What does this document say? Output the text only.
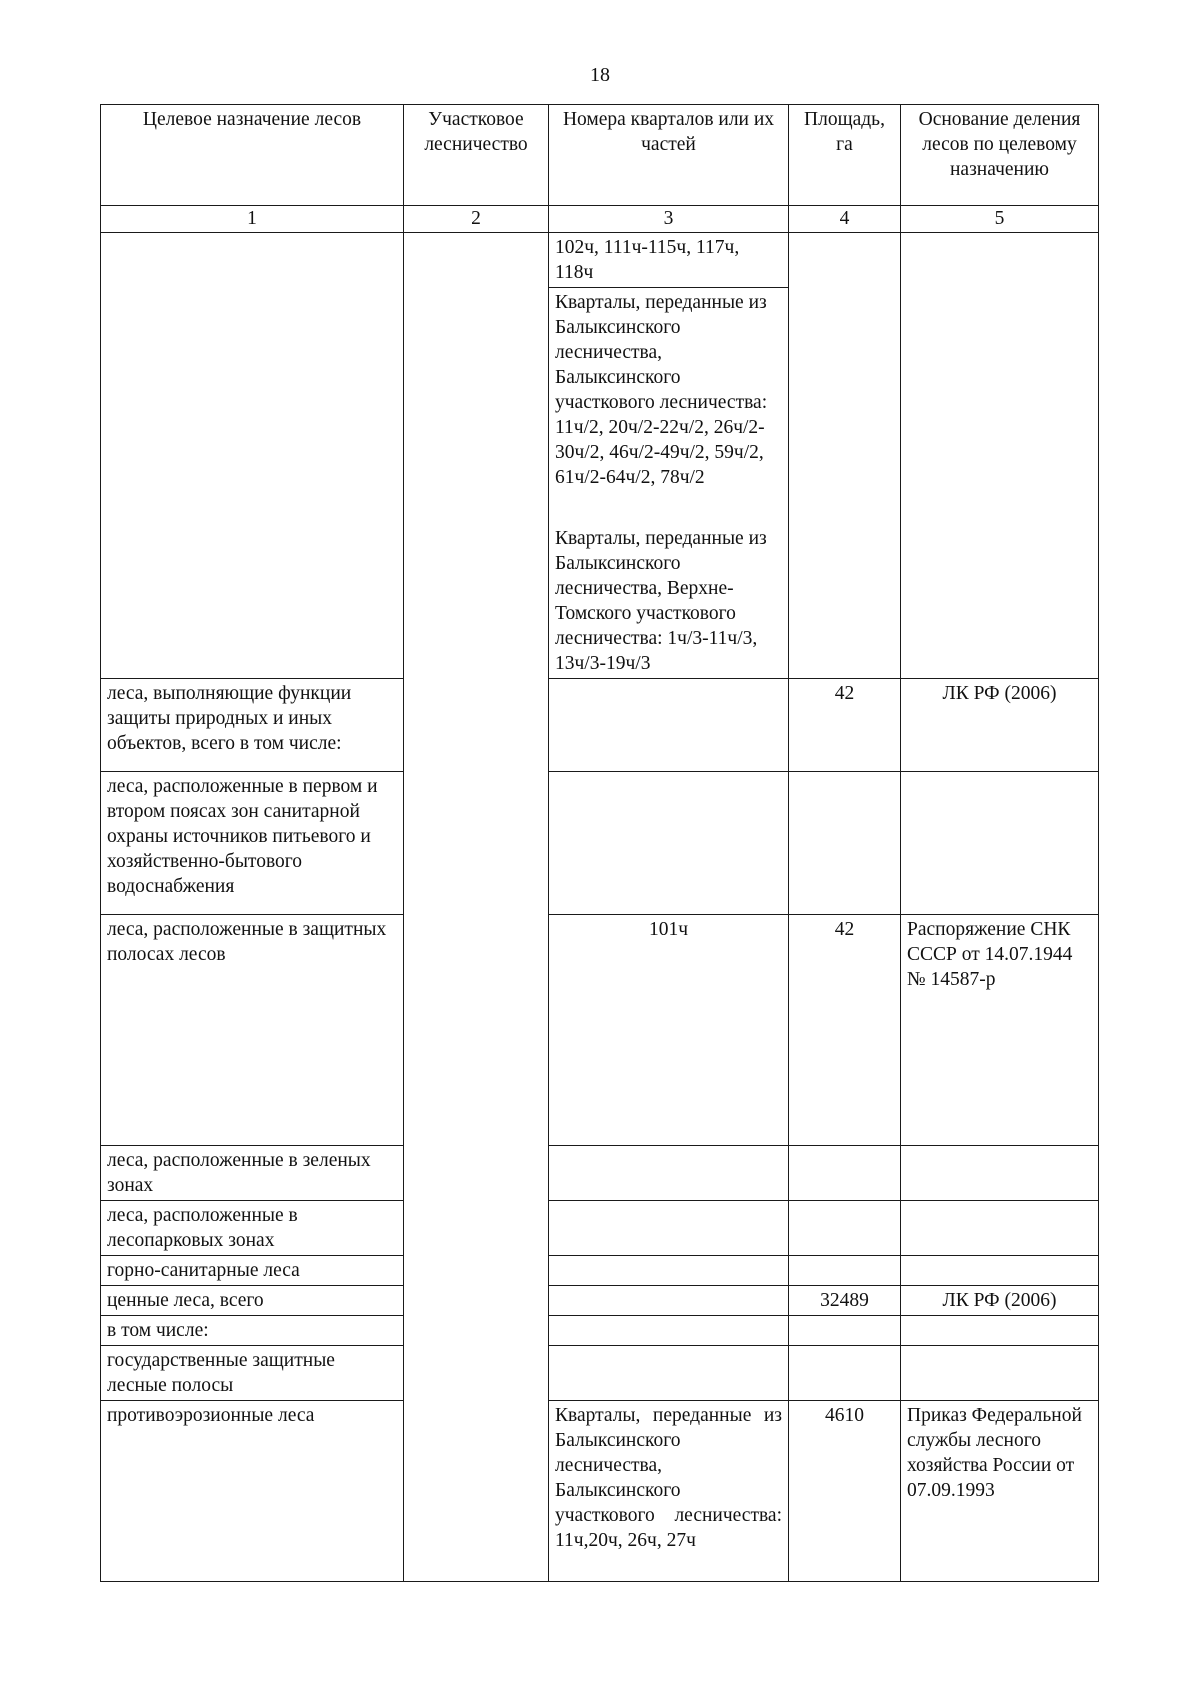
18
Целевое назначение лесов	Участковое лесничество	Номера кварталов или их частей	Площадь, га	Основание деления лесов по целевому назначению
1	2	3	4	5
		102ч, 111ч-115ч, 117ч, 118ч		
		Кварталы, переданные из Балыксинского лесничества, Балыксинского участкового лесничества: 11ч/2, 20ч/2-22ч/2, 26ч/2-30ч/2, 46ч/2-49ч/2, 59ч/2, 61ч/2-64ч/2, 78ч/2		
		Кварталы, переданные из Балыксинского лесничества, Верхне-Томского участкового лесничества: 1ч/3-11ч/3, 13ч/3-19ч/3		
леса, выполняющие функции защиты природных и иных объектов, всего в том числе:			42	ЛК РФ (2006)
леса, расположенные в первом и втором поясах зон санитарной охраны источников питьевого и хозяйственно-бытового водоснабжения				
леса, расположенные в защитных полосах лесов		101ч	42	Распоряжение СНК СССР от 14.07.1944 № 14587-р
леса, расположенные в зеленых зонах				
леса, расположенные в лесопарковых зонах				
горно-санитарные леса				
ценные леса, всего			32489	ЛК РФ (2006)
в том числе:				
государственные защитные лесные полосы				
противоэрозионные леса		Кварталы, переданные из Балыксинского лесничества, Балыксинского участкового лесничества: 11ч,20ч, 26ч, 27ч	4610	Приказ Федеральной службы лесного хозяйства России от 07.09.1993
